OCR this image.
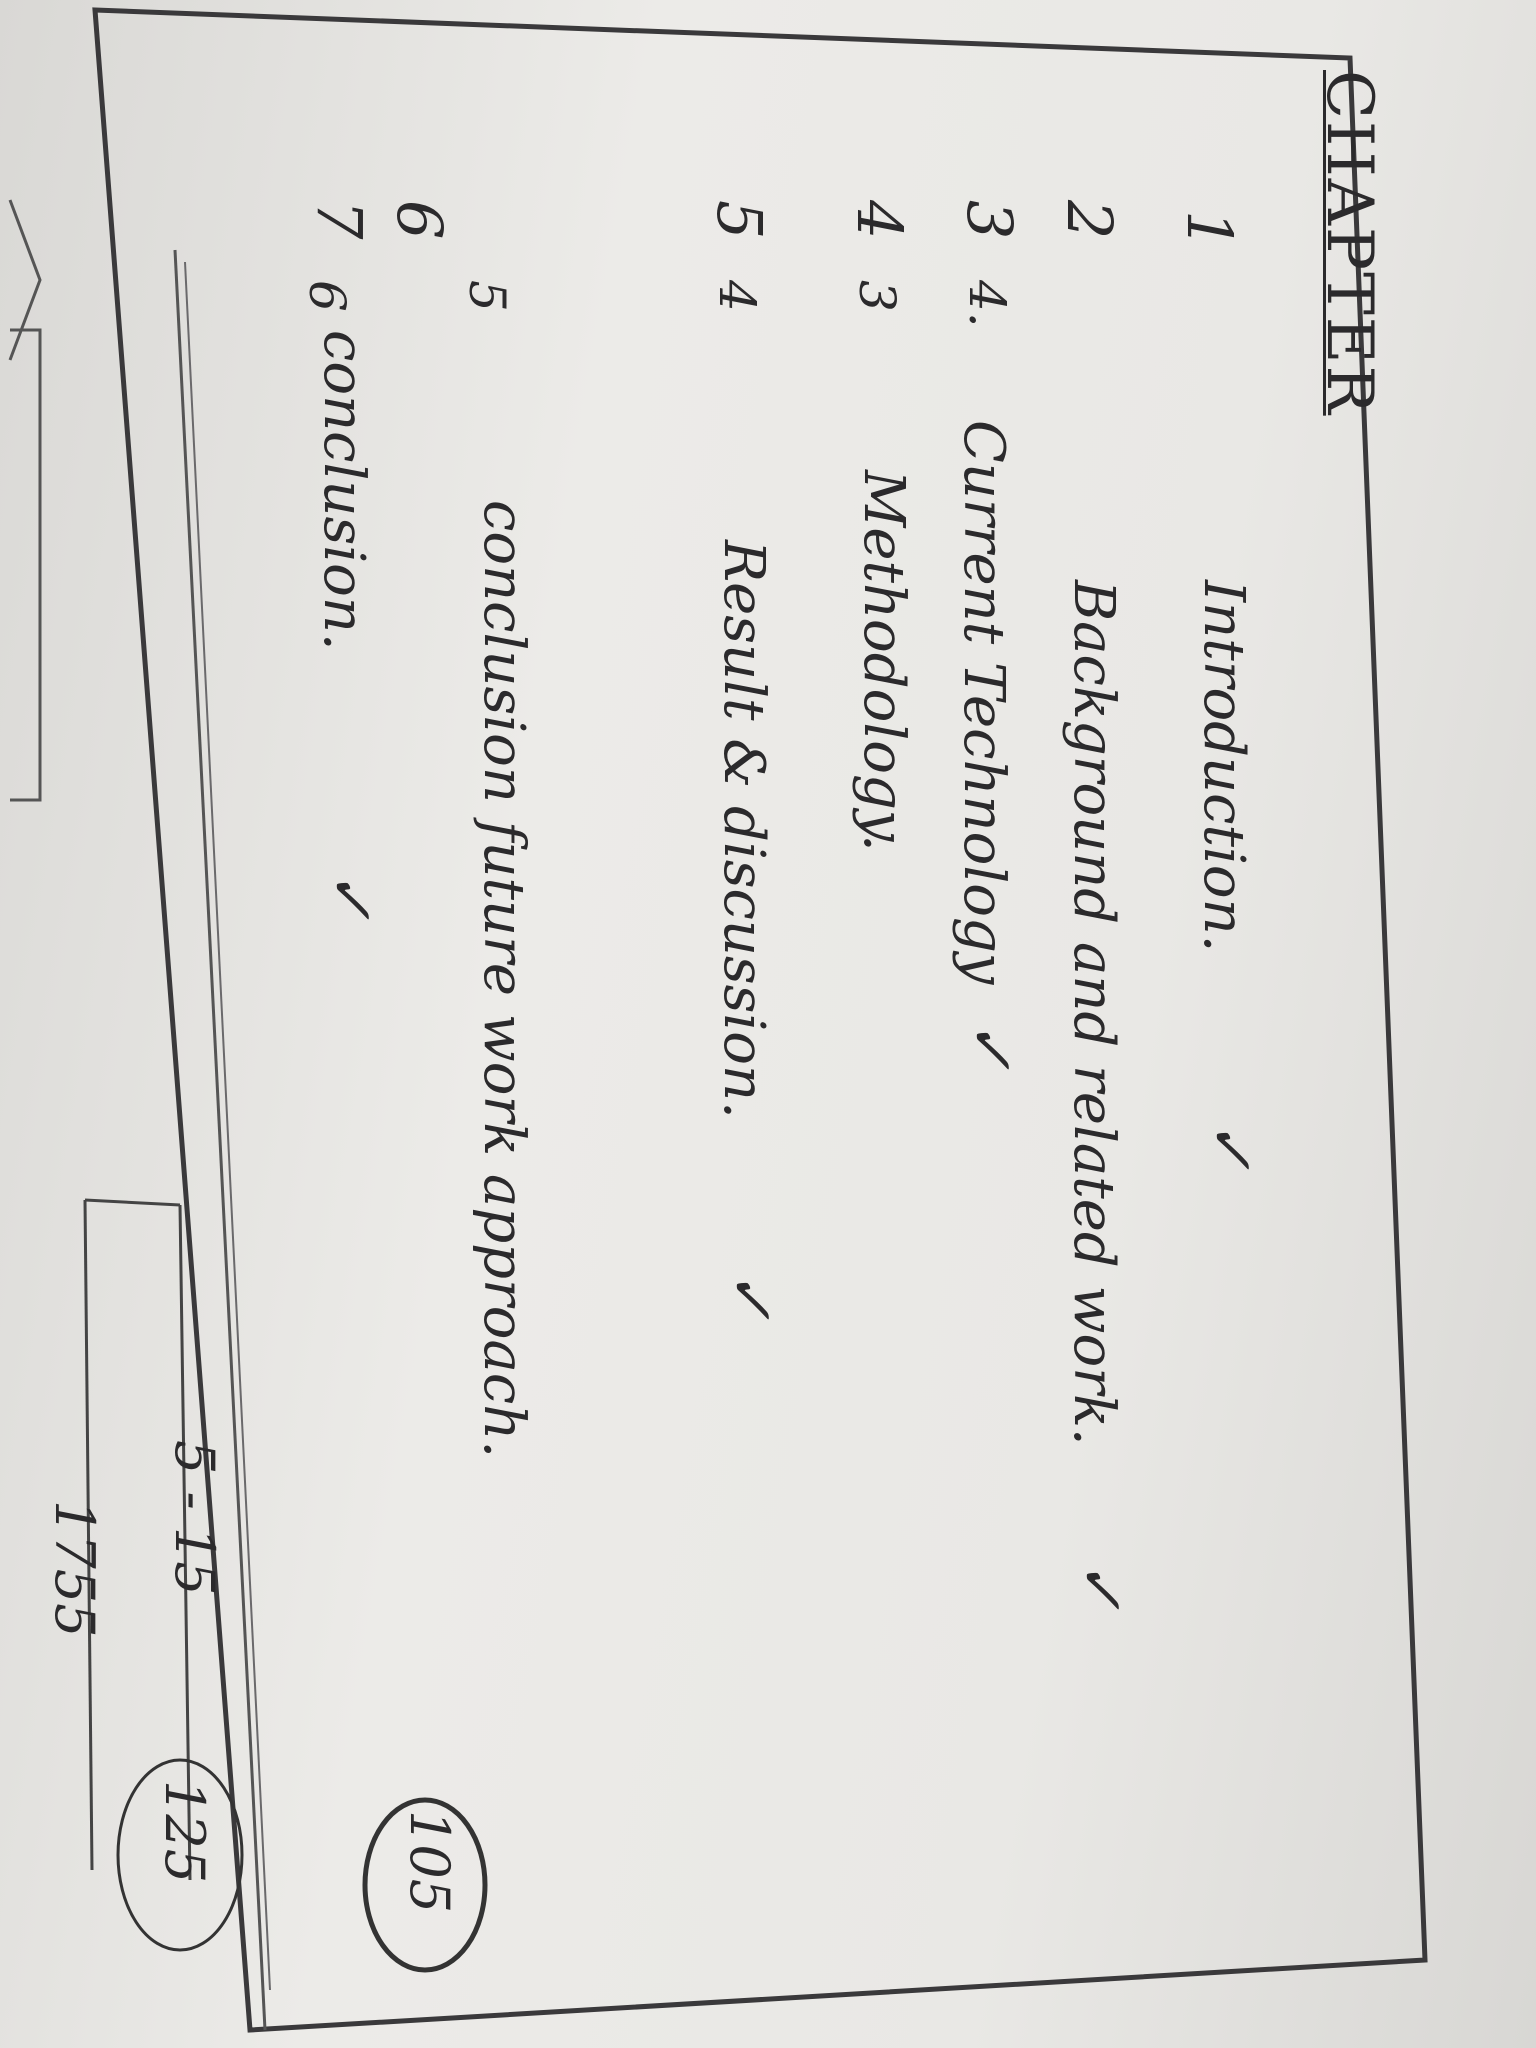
CHAPTER
1
Introduction.
✓
2
Background and related work.
✓
3
Current Technology
✓
4
Methodology.
5
Result & discussion.
✓
6
conclusion future work approach.
7
conclusion.
✓
4.
3
4
5
6
5 - 15
125	105
1755
